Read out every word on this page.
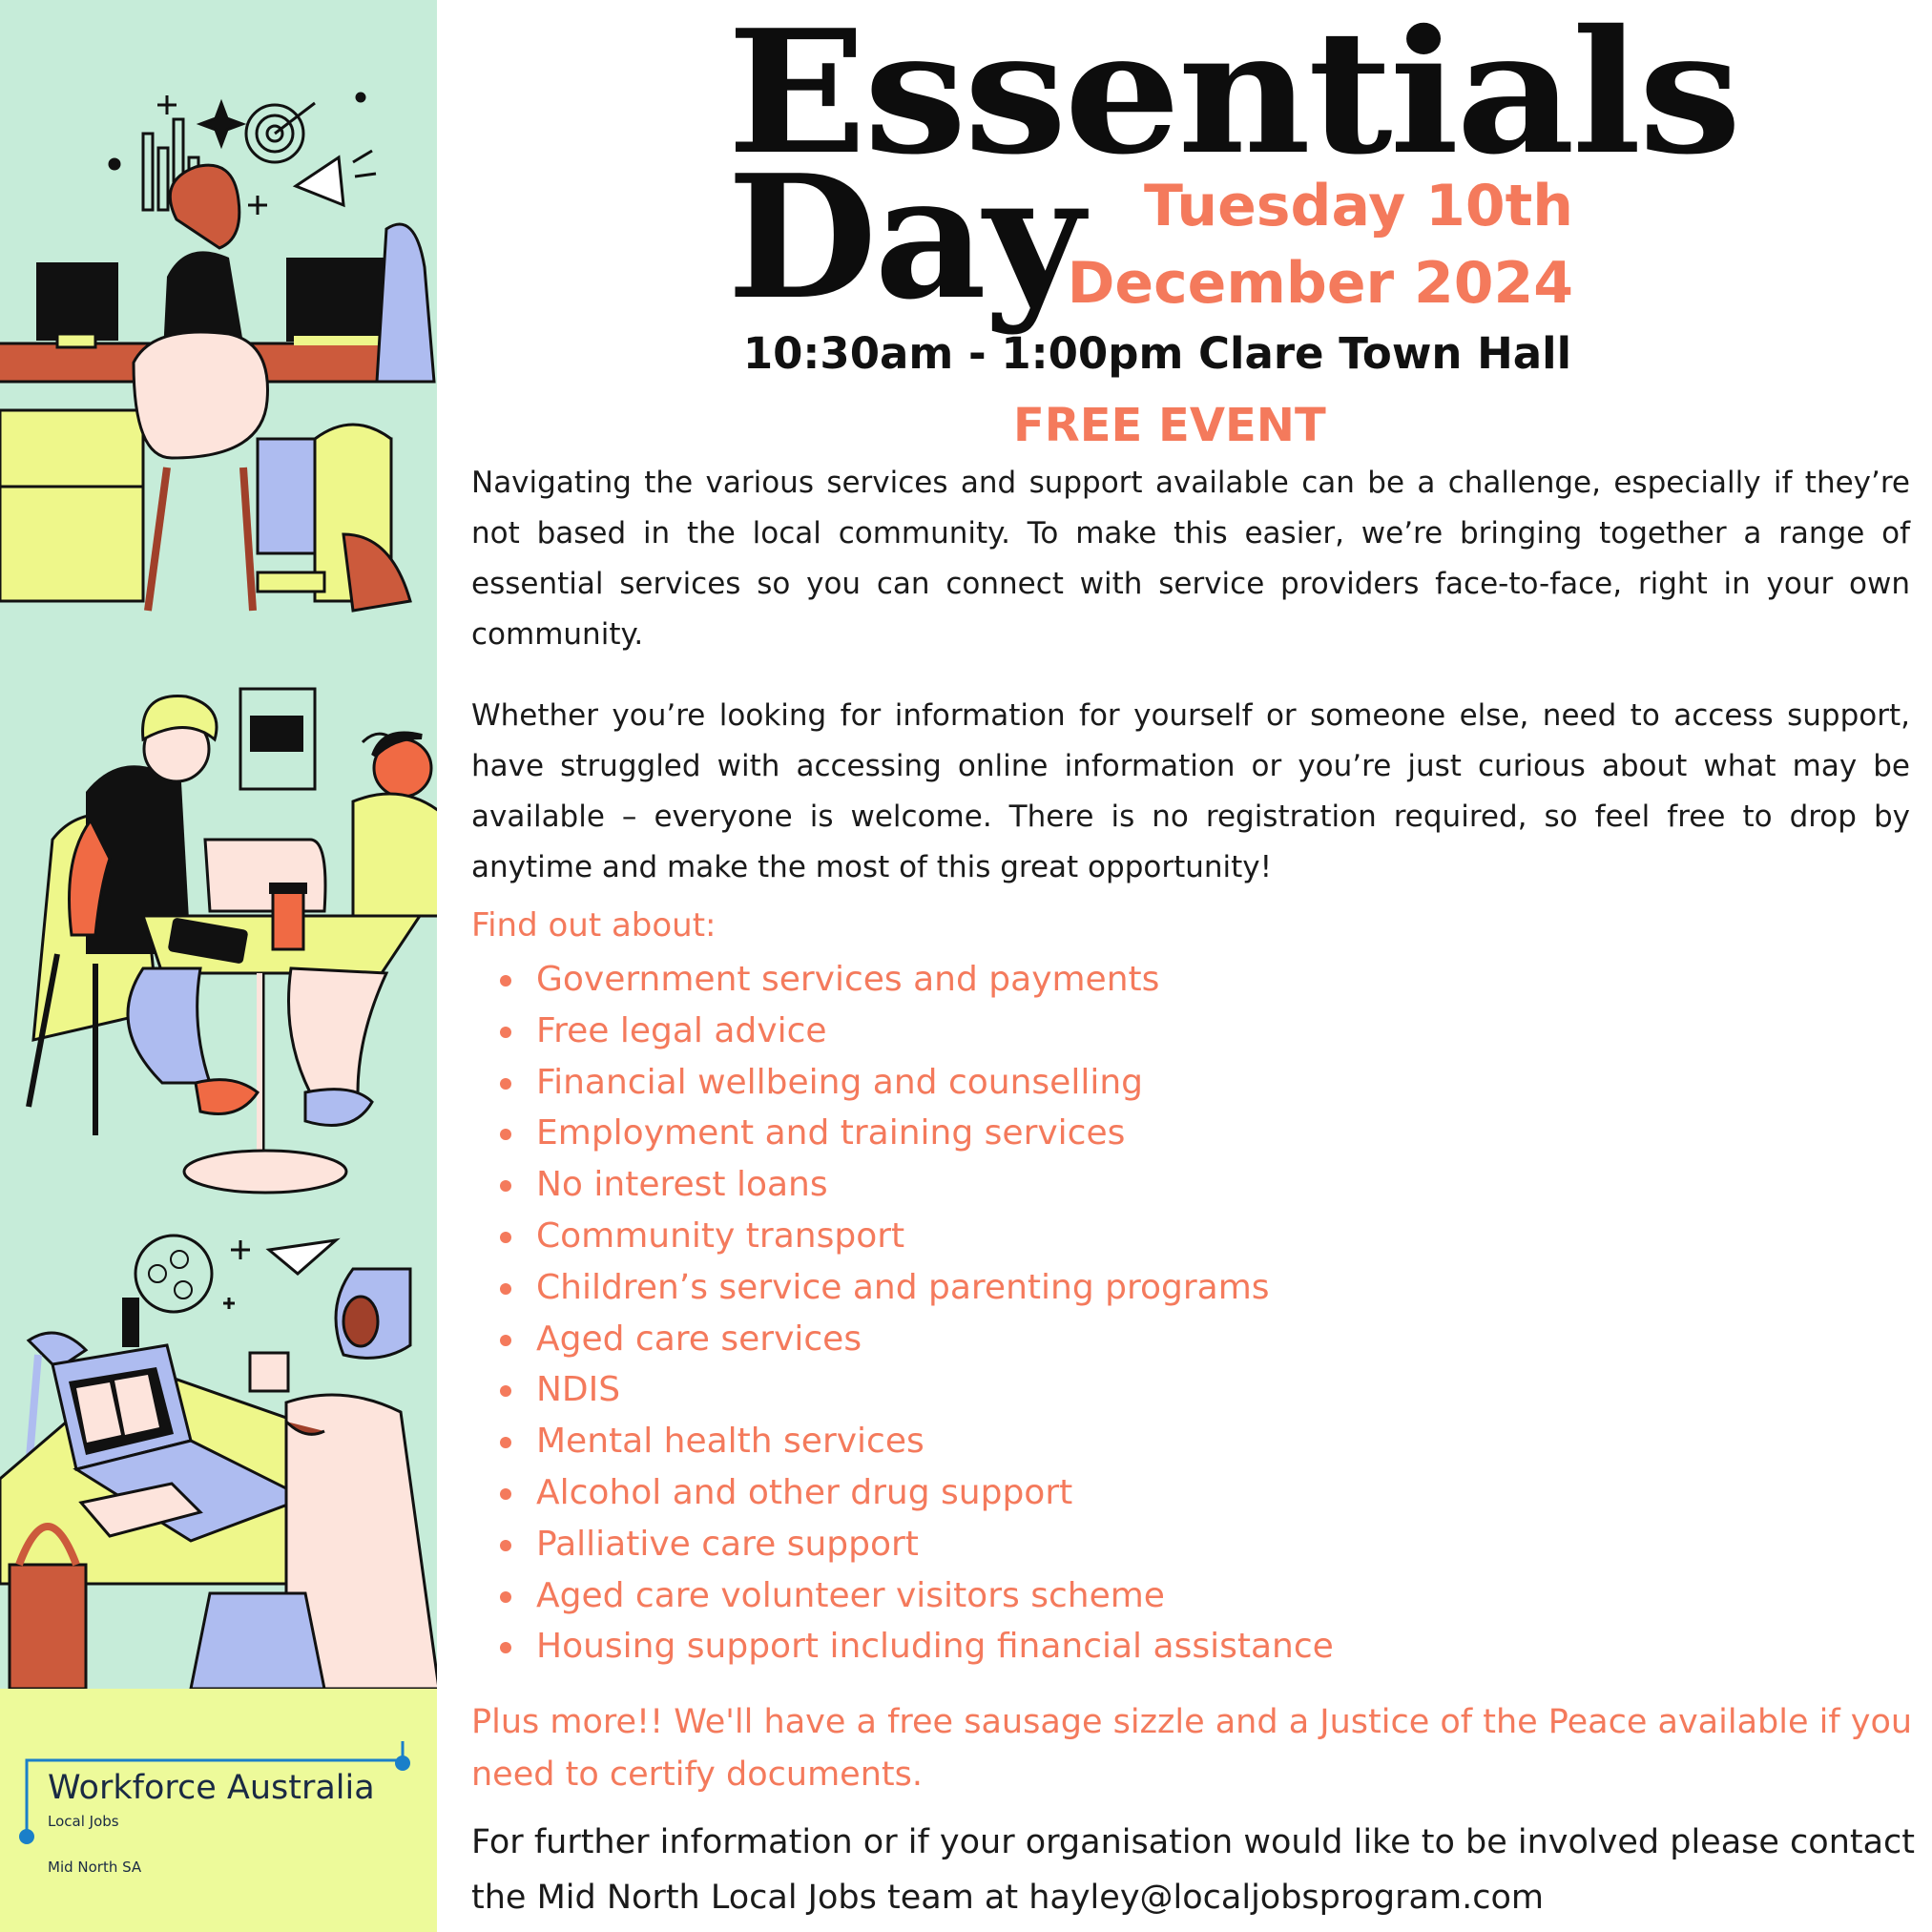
Workforce Australia
Local Jobs
Mid North SA
Essentials
Day Tuesday 10th
December 2024
10:30am - 1:00pm Clare Town Hall
FREE EVENT

Navigating the various services and support available can be a challenge, especially if they’re not based in the local community. To make this easier, we’re bringing together a range of essential services so you can connect with service providers face-to-face, right in your own community.

Whether you’re looking for information for yourself or someone else, need to access support, have struggled with accessing online information or you’re just curious about what may be available – everyone is welcome. There is no registration required, so feel free to drop by anytime and make the most of this great opportunity!

Find out about:
Government services and payments
Free legal advice
Financial wellbeing and counselling
Employment and training services
No interest loans
Community transport
Children’s service and parenting programs
Aged care services
NDIS
Mental health services
Alcohol and other drug support
Palliative care support
Aged care volunteer visitors scheme
Housing support including financial assistance

Plus more!! We'll have a free sausage sizzle and a Justice of the Peace available if you need to certify documents.

For further information or if your organisation would like to be involved please contact the Mid North Local Jobs team at hayley@localjobsprogram.com
